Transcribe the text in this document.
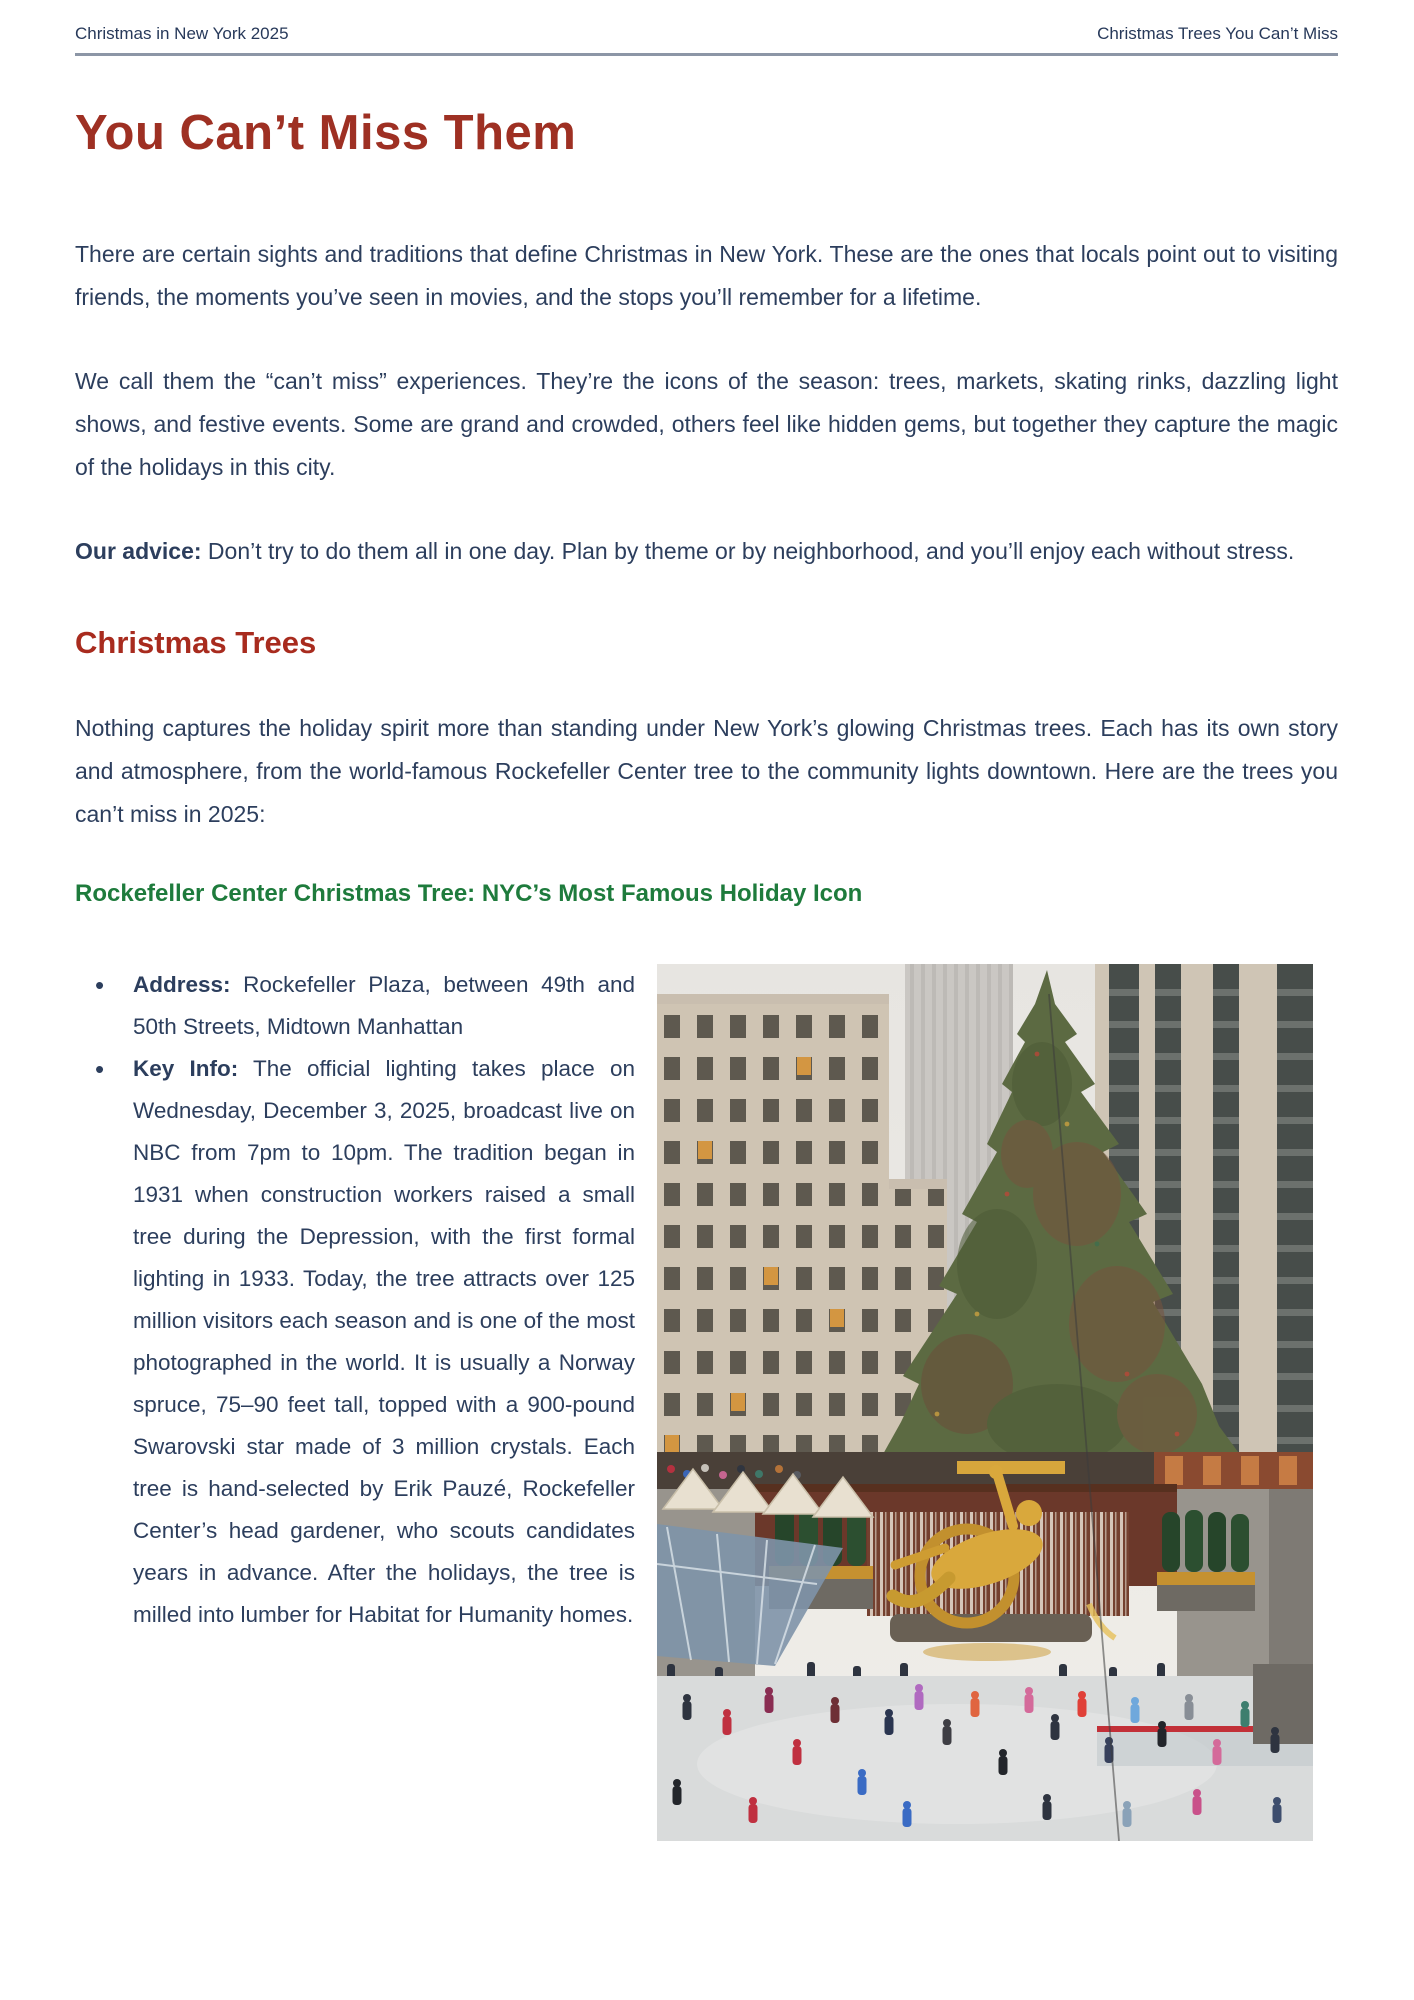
Christmas in New York 2025	Christmas Trees You Can’t Miss
You Can’t Miss Them

There are certain sights and traditions that define Christmas in New York. These are the ones that locals point out to visiting friends, the moments you’ve seen in movies, and the stops you’ll remember for a lifetime.

We call them the “can’t miss” experiences. They’re the icons of the season: trees, markets, skating rinks, dazzling light shows, and festive events. Some are grand and crowded, others feel like hidden gems, but together they capture the magic of the holidays in this city.

Our advice: Don’t try to do them all in one day. Plan by theme or by neighborhood, and you’ll enjoy each without stress.

Christmas Trees

Nothing captures the holiday spirit more than standing under New York’s glowing Christmas trees. Each has its own story and atmosphere, from the world-famous Rockefeller Center tree to the community lights downtown. Here are the trees you can’t miss in 2025:

Rockefeller Center Christmas Tree: NYC’s Most Famous Holiday Icon
• Address: Rockefeller Plaza, between 49th and 50th Streets, Midtown Manhattan
• Key Info: The official lighting takes place on Wednesday, December 3, 2025, broadcast live on NBC from 7pm to 10pm. The tradition began in 1931 when construction workers raised a small tree during the Depression, with the first formal lighting in 1933. Today, the tree attracts over 125 million visitors each season and is one of the most photographed in the world. It is usually a Norway spruce, 75–90 feet tall, topped with a 900-pound Swarovski star made of 3 million crystals. Each tree is hand-selected by Erik Pauzé, Rockefeller Center’s head gardener, who scouts candidates years in advance. After the holidays, the tree is milled into lumber for Habitat for Humanity homes.
